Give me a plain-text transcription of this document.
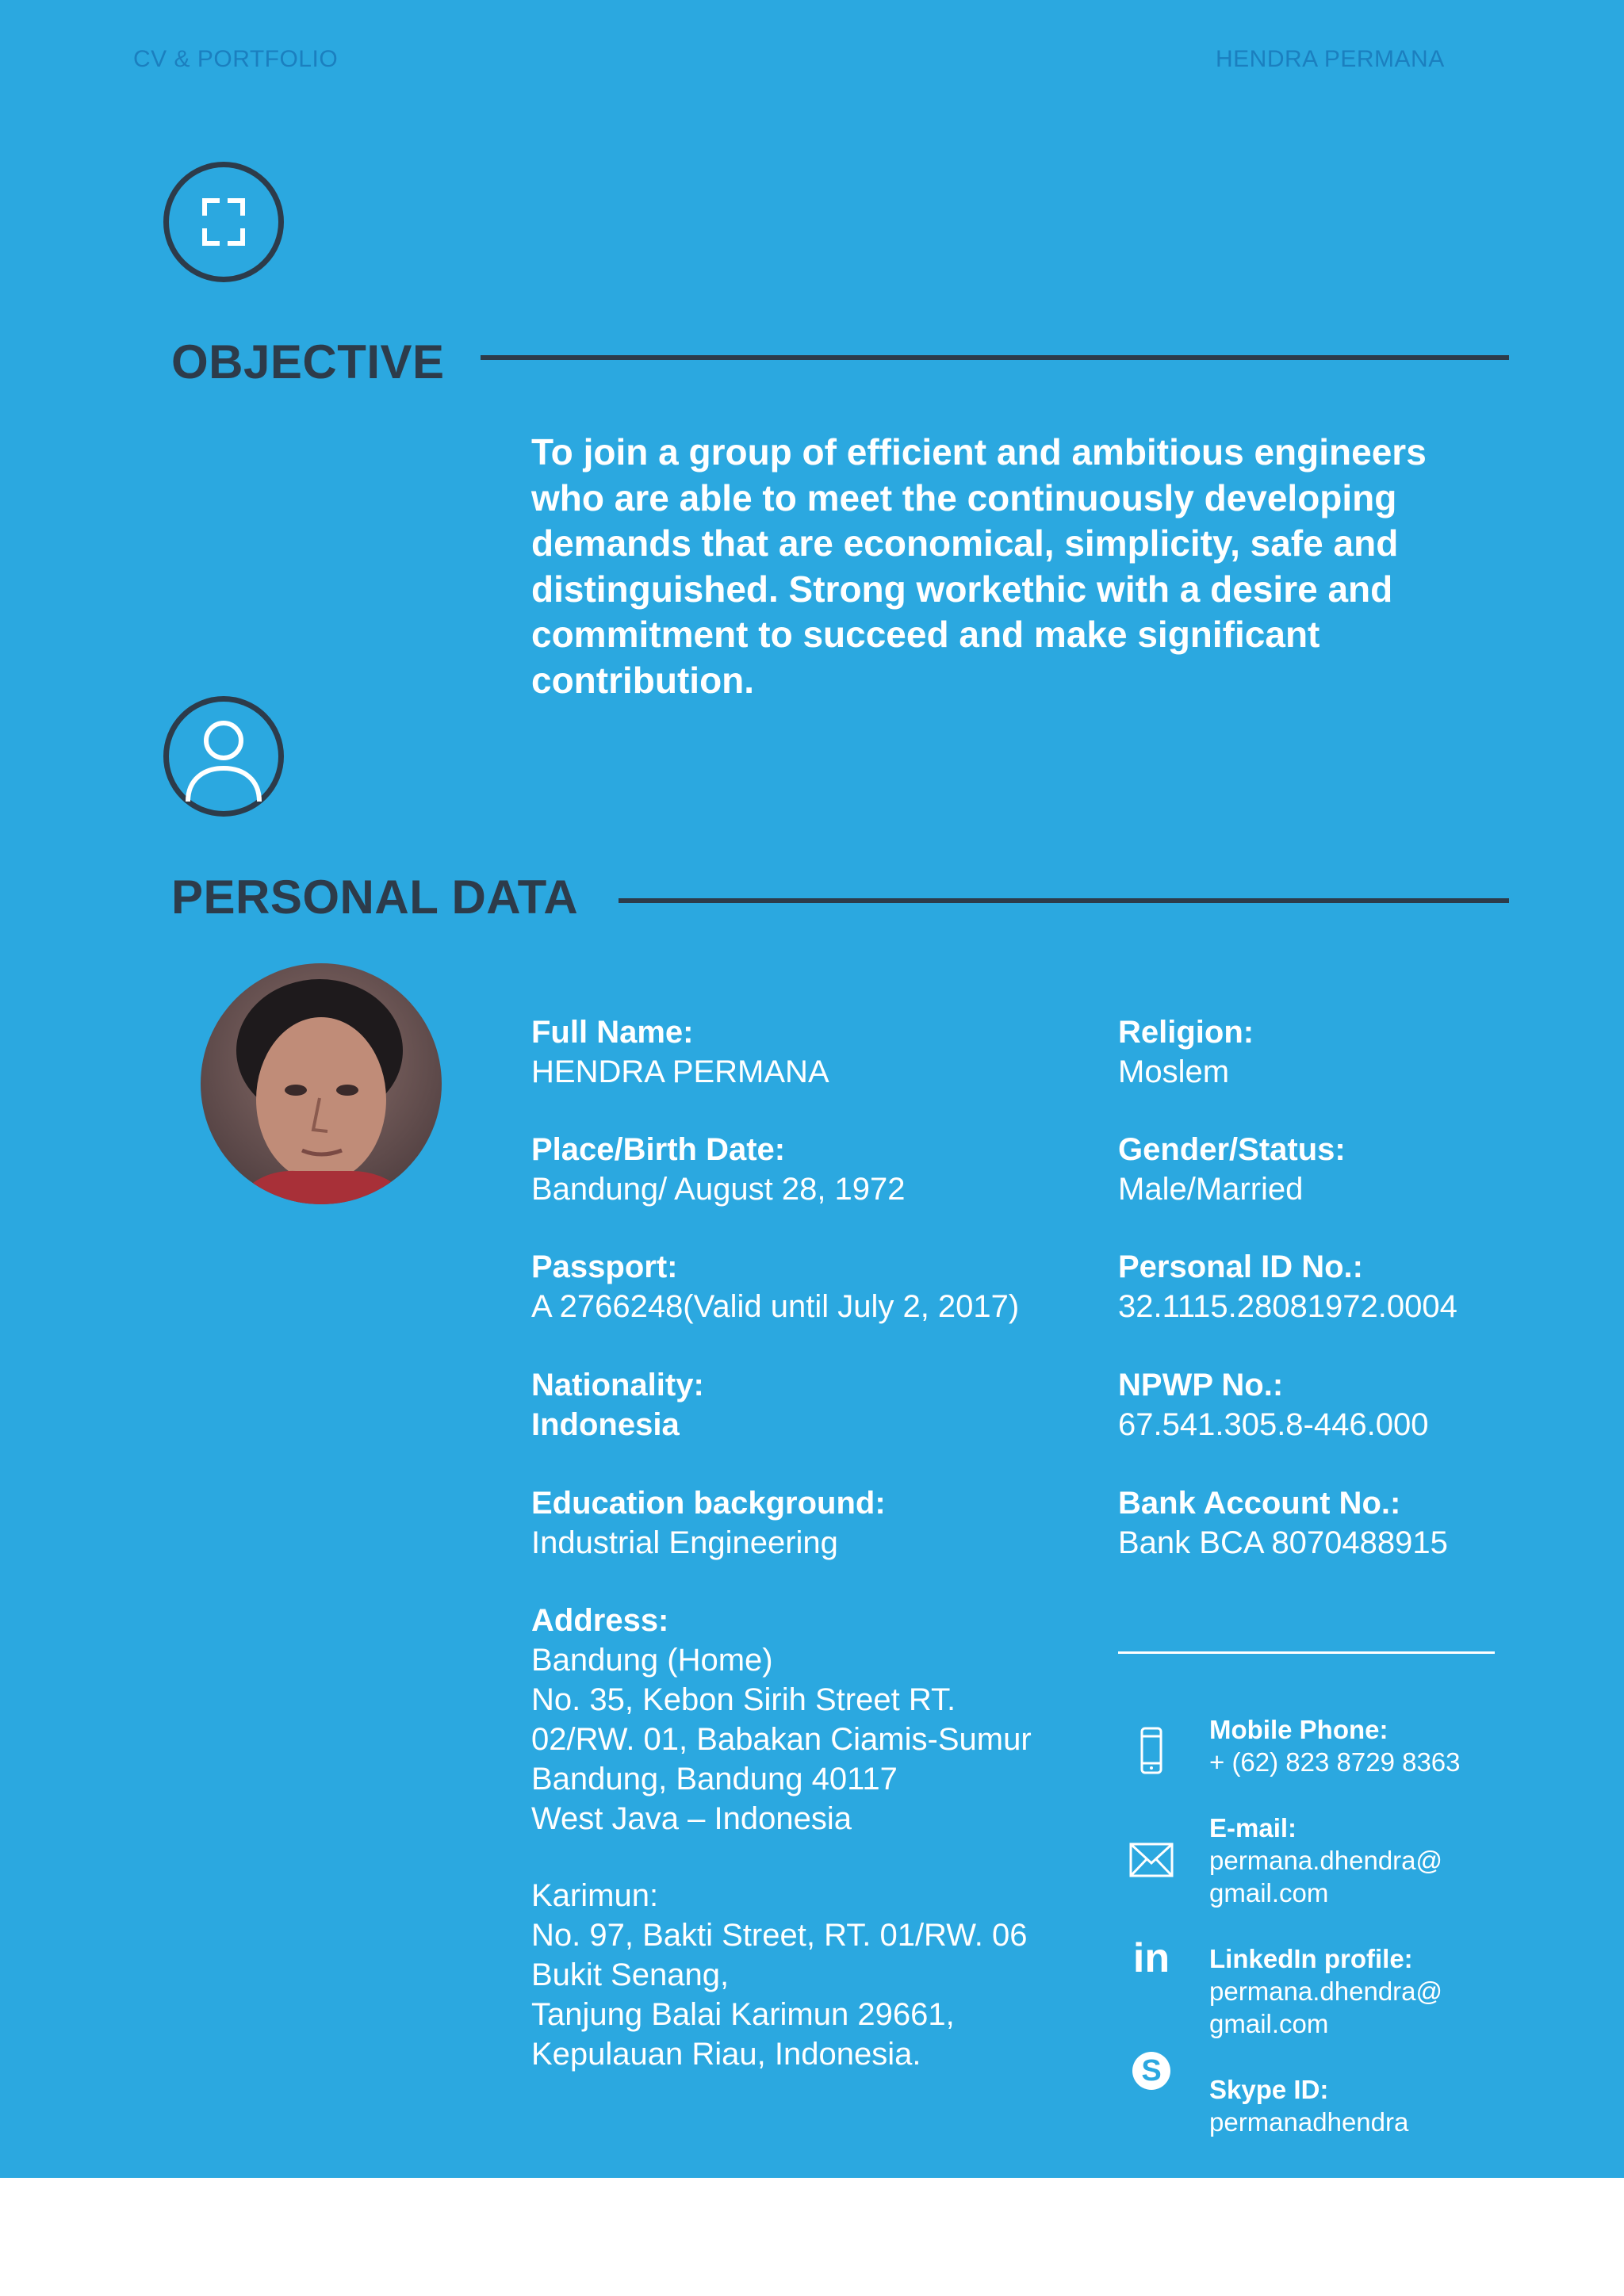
CV & PORTFOLIO	HENDRA PERMANA
OBJECTIVE
To join a group of efficient and ambitious engineers
who are able to meet the continuously developing
demands that are economical, simplicity, safe and
distinguished. Strong workethic with a desire and
commitment to succeed and make significant
contribution.
PERSONAL DATA
Full Name:
HENDRA PERMANA
Place/Birth Date:
Bandung/ August 28, 1972
Passport:
A 2766248(Valid until July 2, 2017)
Nationality:
Indonesia
Education background:
Industrial Engineering
Address:
Bandung (Home)
No. 35, Kebon Sirih Street RT.
02/RW. 01, Babakan Ciamis-Sumur
Bandung, Bandung 40117
West Java – Indonesia
Karimun:
No. 97, Bakti Street, RT. 01/RW. 06
Bukit Senang,
Tanjung Balai Karimun 29661,
Kepulauan Riau, Indonesia.
Religion:
Moslem
Gender/Status:
Male/Married
Personal ID No.:
32.1115.28081972.0004
NPWP No.:
67.541.305.8-446.000
Bank Account No.:
Bank BCA 8070488915
Mobile Phone:
+ (62) 823 8729 8363
E-mail:
permana.dhendra@
gmail.com
in LinkedIn profile:
permana.dhendra@
gmail.com
S
Skype ID:
permanadhendra
